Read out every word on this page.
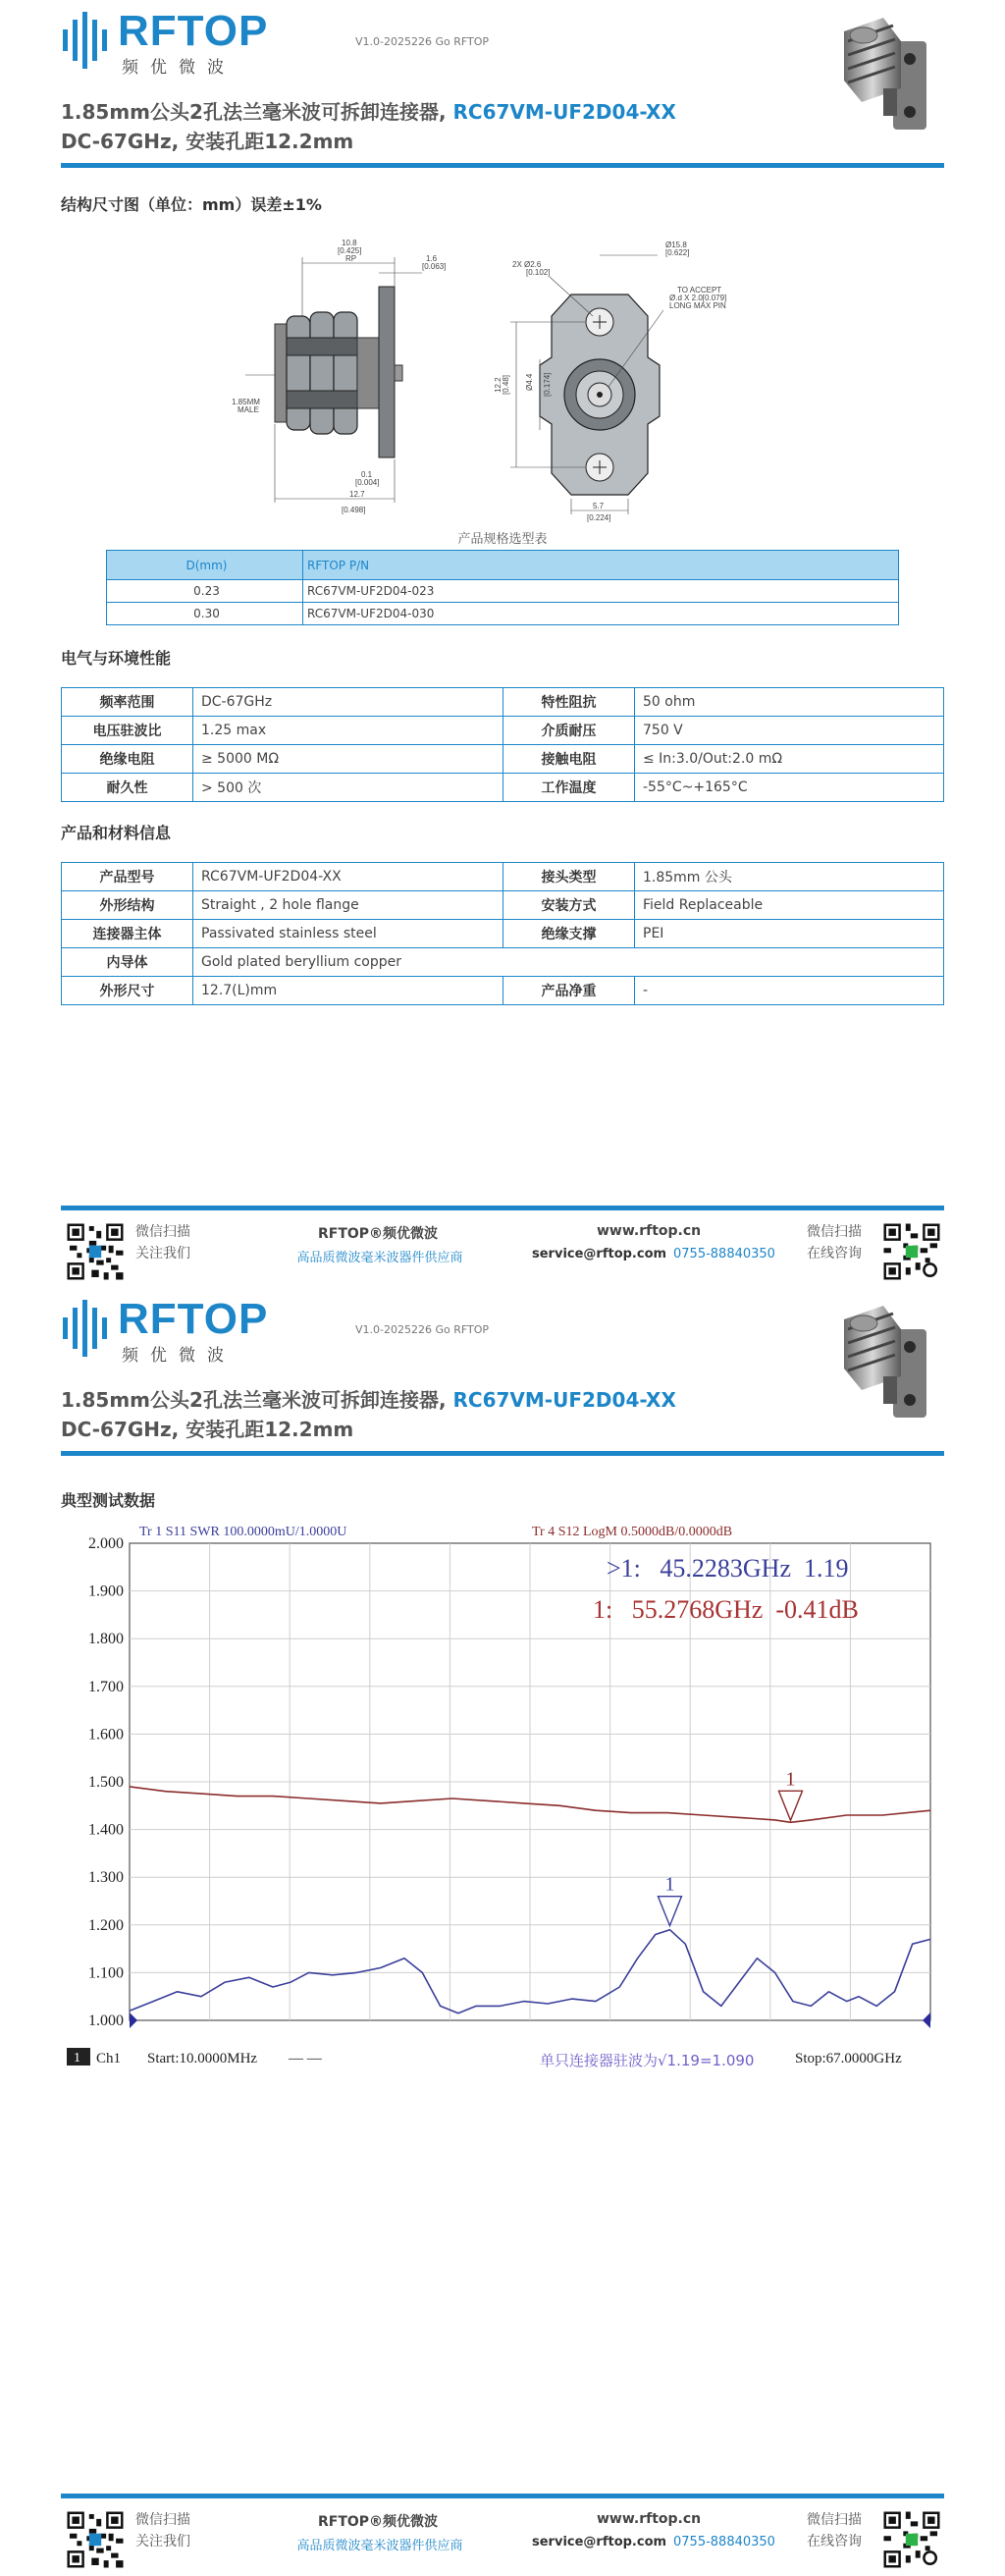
RFTOP
频优微波
V1.0-2025226 Go RFTOP
1.85mm公头2孔法兰毫米波可拆卸连接器, RC67VM-UF2D04-XX
DC-67GHz, 安装孔距12.2mm
结构尺寸图（单位：mm）误差±1%
10.8
[0.425]
RP	1.6
[0.063]
1.85MM
MALE
0.1
[0.004]
12.7
[0.498]
Ø15.8
[0.622]
2X Ø2.6
[0.102]
TO ACCEPT
Ø.d X 2.0[0.079]
LONG MAX PIN
12.2 [0.48] Ø4.4 [0.174]
5.7
[0.224]
产品规格选型表
D(mm)	RFTOP P/N
0.23	RC67VM-UF2D04-023
0.30	RC67VM-UF2D04-030
电气与环境性能
频率范围	DC-67GHz	特性阻抗	50 ohm
电压驻波比	1.25 max	介质耐压	750 V
绝缘电阻	≥ 5000 MΩ	接触电阻	≤ In:3.0/Out:2.0 mΩ
耐久性	> 500 次	工作温度	-55°C~+165°C
产品和材料信息
产品型号	RC67VM-UF2D04-XX	接头类型	1.85mm 公头
外形结构	Straight , 2 hole flange	安装方式	Field Replaceable
连接器主体	Passivated stainless steel	绝缘支撑	PEI
内导体	Gold plated beryllium copper		
外形尺寸	12.7(L)mm	产品净重	-
微信扫描
关注我们
RFTOP®频优微波
高品质微波毫米波器件供应商
www.rftop.cn
service@rftop.com 0755-88840350
微信扫描
在线咨询
RFTOP
频优微波
V1.0-2025226 Go RFTOP
1.85mm公头2孔法兰毫米波可拆卸连接器, RC67VM-UF2D04-XX
DC-67GHz, 安装孔距12.2mm
典型测试数据
微信扫描
关注我们
RFTOP®频优微波
高品质微波毫米波器件供应商
www.rftop.cn
service@rftop.com 0755-88840350
微信扫描
在线咨询
2.000
1.900
1.800
1.700
1.600
1.500
1.400
1.300
1.200
1.100
1.000
1
1
Tr 1 S11 SWR 100.0000mU/1.0000U	Tr 4 S12 LogM 0.5000dB/0.0000dB
>1:   45.2283GHz  1.19
1:   55.2768GHz  -0.41dB
1 Ch1 Start:10.0000MHz — —	Stop:67.0000GHz
单只连接器驻波为√1.19=1.090
